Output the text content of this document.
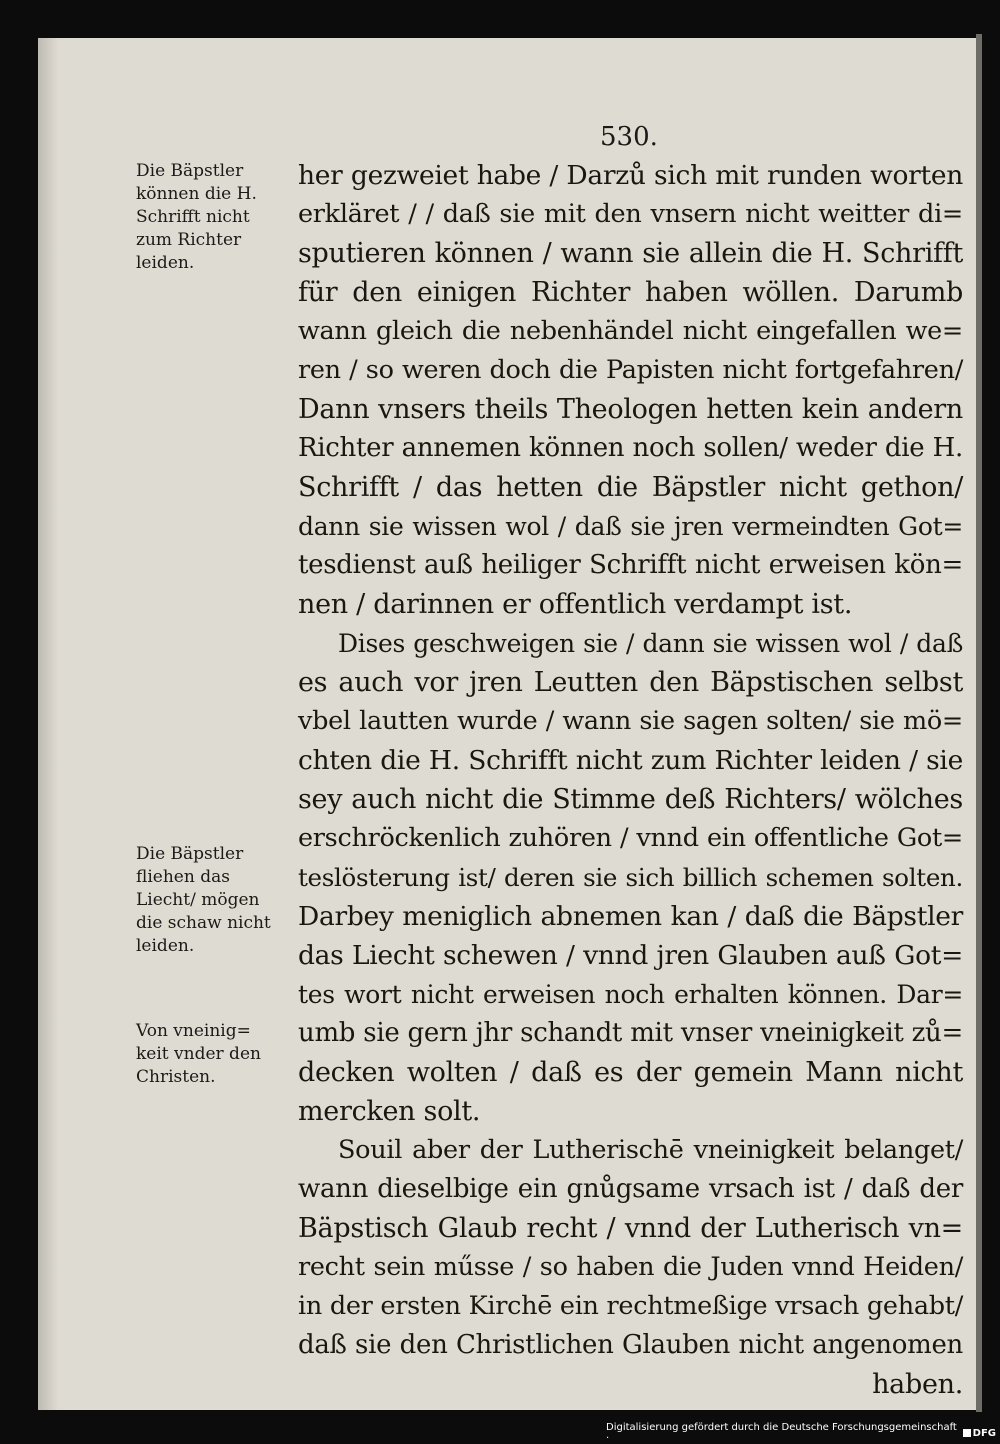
530.
Die Bäpstler
können die H.
Schrifft nicht
zum Richter
leiden.
Die Bäpstler
fliehen das
Liecht/ mögen
die schaw nicht
leiden.
Von vneinig=
keit vnder den
Christen.
her gezweiet habe / Darzů sich mit runden worten
erkläret / / daß sie mit den vnsern nicht weitter di=
sputieren können / wann sie allein die H. Schrifft
für den einigen Richter haben wöllen. Darumb
wann gleich die nebenhändel nicht eingefallen we=
ren / so weren doch die Papisten nicht fortgefahren/
Dann vnsers theils Theologen hetten kein andern
Richter annemen können noch sollen/ weder die H.
Schrifft / das hetten die Bäpstler nicht gethon/
dann sie wissen wol / daß sie jren vermeindten Got=
tesdienst auß heiliger Schrifft nicht erweisen kön=
nen / darinnen er offentlich verdampt ist.
Dises geschweigen sie / dann sie wissen wol / daß
es auch vor jren Leutten den Bäpstischen selbst
vbel lautten wurde / wann sie sagen solten/ sie mö=
chten die H. Schrifft nicht zum Richter leiden / sie
sey auch nicht die Stimme deß Richters/ wölches
erschröckenlich zuhören / vnnd ein offentliche Got=
teslösterung ist/ deren sie sich billich schemen solten.
Darbey meniglich abnemen kan / daß die Bäpstler
das Liecht schewen / vnnd jren Glauben auß Got=
tes wort nicht erweisen noch erhalten können. Dar=
umb sie gern jhr schandt mit vnser vneinigkeit zů=
decken wolten / daß es der gemein Mann nicht
mercken solt.
Souil aber der Lutherischē vneinigkeit belanget/
wann dieselbige ein gnůgsame vrsach ist / daß der
Bäpstisch Glaub recht / vnnd der Lutherisch vn=
recht sein műsse / so haben die Juden vnnd Heiden/
in der ersten Kirchē ein rechtmeßige vrsach gehabt/
daß sie den Christlichen Glauben nicht angenomen
haben.
Digitalisierung gefördert durch die Deutsche Forschungsgemeinschaft ·	DFG
